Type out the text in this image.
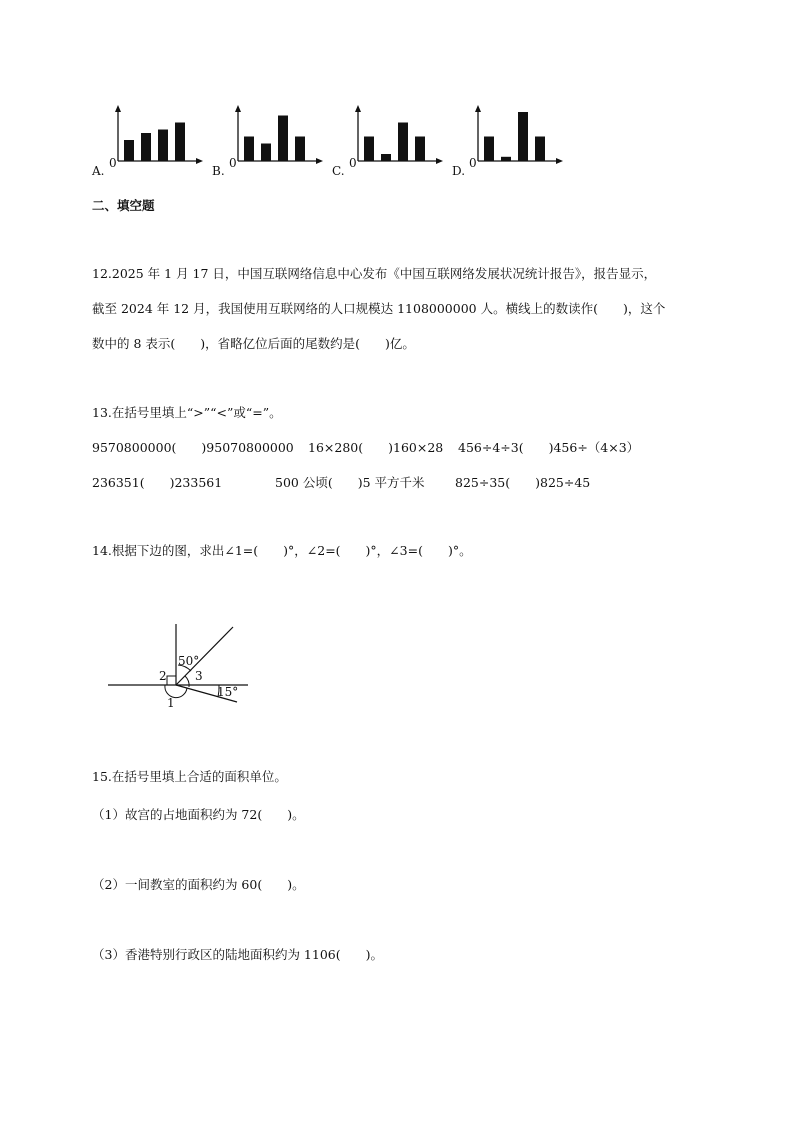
A.
0
B.
0
C.
0
D.
0
二、填空题
12.2025 年 1 月 17 日，中国互联网络信息中心发布《中国互联网络发展状况统计报告》，报告显示，
截至 2024 年 12 月，我国使用互联网络的人口规模达 1108000000 人。横线上的数读作(　　)，这个
数中的 8 表示(　　)，省略亿位后面的尾数约是(　　)亿。
13.在括号里填上“>”“<”或“=”。
9570800000(　　)95070800000 16×280(　　)160×28 456÷4÷3(　　)456÷（4×3）
236351(　　)233561	500 公顷(　　)5 平方千米 825÷35(　　)825÷45
14.根据下边的图，求出∠1=(　　)°，∠2=(　　)°，∠3=(　　)°。
50°
15°
2 3
1
15.在括号里填上合适的面积单位。
（1）故宫的占地面积约为 72(　　)。
（2）一间教室的面积约为 60(　　)。
（3）香港特别行政区的陆地面积约为 1106(　　)。
